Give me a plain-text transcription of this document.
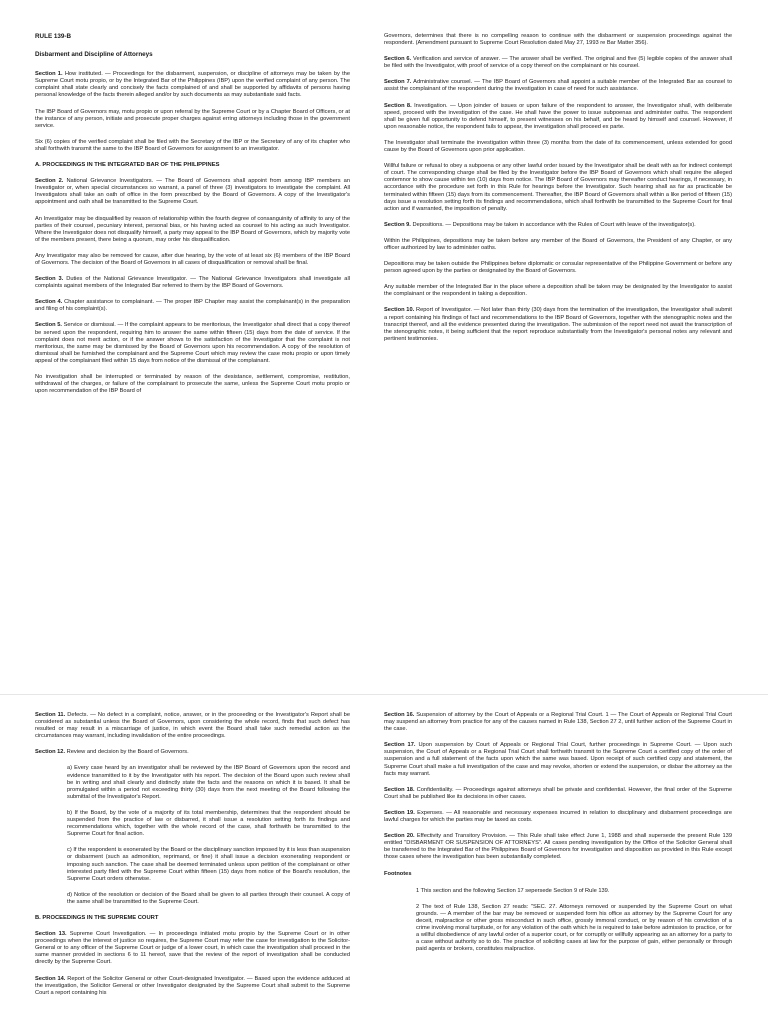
RULE 139-B

Disbarment and Discipline of Attorneys

Section 1. How instituted. — Proceedings for the disbarment, suspension, or discipline of attorneys may be taken by the Supreme Court motu propio, or by the Integrated Bar of the Philippines (IBP) upon the verified complaint of any person. The complaint shall state clearly and concisely the facts complained of and shall be supported by affidavits of persons having personal knowledge of the facts therein alleged and/or by such documents as may substantiate said facts.

The IBP Board of Governors may, motu propio or upon referral by the Supreme Court or by a Chapter Board of Officers, or at the instance of any person, initiate and prosecute proper charges against erring attorneys including those in the government service.

Six (6) copies of the verified complaint shall be filed with the Secretary of the IBP or the Secretary of any of its chapter who shall forthwith transmit the same to the IBP Board of Governors for assignment to an investigator.

A. PROCEEDINGS IN THE INTEGRATED BAR OF THE PHILIPPINES

Section 2. National Grievance Investigators. — The Board of Governors shall appoint from among IBP members an Investigator or, when special circumstances so warrant, a panel of three (3) investigators to investigate the complaint. All Investigators shall take an oath of office in the form prescribed by the Board of Governors. A copy of the Investigator's appointment and oath shall be transmitted to the Supreme Court.

An Investigator may be disqualified by reason of relationship within the fourth degree of consanguinity of affinity to any of the parties of their counsel, pecuniary interest, personal bias, or his having acted as counsel to his acting as such Investigator. Where the Investigator does not disqualify himself, a party may appeal to the IBP Board of Governors, which by majority vote of the members present, there being a quorum, may order his disqualification.

Any Investigator may also be removed for cause, after due hearing, by the vote of at least six (6) members of the IBP Board of Governors. The decision of the Board of Governors in all cases of disqualification or removal shall be final.

Section 3. Duties of the National Grievance Investigator. — The National Grievance Investigators shall investigate all complaints against members of the Integrated Bar referred to them by the IBP Board of Governors.

Section 4. Chapter assistance to complainant. — The proper IBP Chapter may assist the complainant(s) in the preparation and filing of his complaint(s).

Section 5. Service or dismissal. — If the complaint appears to be meritorious, the Investigator shall direct that a copy thereof be served upon the respondent, requiring him to answer the same within fifteen (15) days from the date of service. If the complaint does not merit action, or if the answer shows to the satisfaction of the Investigator that the complaint is not meritorious, the same may be dismissed by the Board of Governors upon his recommendation. A copy of the resolution of dismissal shall be furnished the complainant and the Supreme Court which may review the case motu propio or upon timely appeal of the complainant filed within 15 days from notice of the dismissal of the complainant.

No investigation shall be interrupted or terminated by reason of the desistance, settlement, compromise, restitution, withdrawal of the charges, or failure of the complainant to prosecute the same, unless the Supreme Court motu propio or upon recommendation of the IBP Board of

Governors, determines that there is no compelling reason to continue with the disbarment or suspension proceedings against the respondent. (Amendment pursuant to Supreme Court Resolution dated May 27, 1993 re Bar Matter 356).

Section 6. Verification and service of answer. — The answer shall be verified. The original and five (5) legible copies of the answer shall be filed with the Investigator, with proof of service of a copy thereof on the complainant or his counsel.

Section 7. Administrative counsel. — The IBP Board of Governors shall appoint a suitable member of the Integrated Bar as counsel to assist the complainant of the respondent during the investigation in case of need for such assistance.

Section 8. Investigation. — Upon joinder of issues or upon failure of the respondent to answer, the Investigator shall, with deliberate speed, proceed with the investigation of the case. He shall have the power to issue subpoenas and administer oaths. The respondent shall be given full opportunity to defend himself, to present witnesses on his behalf, and be heard by himself and counsel. However, if upon reasonable notice, the respondent fails to appear, the investigation shall proceed ex parte.

The Investigator shall terminate the investigation within three (3) months from the date of its commencement, unless extended for good cause by the Board of Governors upon prior application.

Willful failure or refusal to obey a subpoena or any other lawful order issued by the Investigator shall be dealt with as for indirect contempt of court. The corresponding charge shall be filed by the Investigator before the IBP Board of Governors which shall require the alleged contemnor to show cause within ten (10) days from notice. The IBP Board of Governors may thereafter conduct hearings, if necessary, in accordance with the procedure set forth in this Rule for hearings before the Investigator. Such hearing shall as far as practicable be terminated within fifteen (15) days from its commencement. Thereafter, the IBP Board of Governors shall within a like period of fifteen (15) days issue a resolution setting forth its findings and recommendations, which shall forthwith be transmitted to the Supreme Court for final action and if warranted, the imposition of penalty.

Section 9. Depositions. — Depositions may be taken in accordance with the Rules of Court with leave of the investigator(s).

Within the Philippines, depositions may be taken before any member of the Board of Governors, the President of any Chapter, or any officer authorized by law to administer oaths.

Depositions may be taken outside the Philippines before diplomatic or consular representative of the Philippine Government or before any person agreed upon by the parties or designated by the Board of Governors.

Any suitable member of the Integrated Bar in the place where a deposition shall be taken may be designated by the Investigator to assist the complainant or the respondent in taking a deposition.

Section 10. Report of Investigator. — Not later than thirty (30) days from the termination of the investigation, the Investigator shall submit a report containing his findings of fact and recommendations to the IBP Board of Governors, together with the stenographic notes and the transcript thereof, and all the evidence presented during the investigation. The submission of the report need not await the transcription of the stenographic notes, it being sufficient that the report reproduce substantially from the Investigator's personal notes any relevant and pertinent testimonies.

Section 11. Defects. — No defect in a complaint, notice, answer, or in the proceeding or the Investigator's Report shall be considered as substantial unless the Board of Governors, upon considering the whole record, finds that such defect has resulted or may result in a miscarriage of justice, in which event the Board shall take such remedial action as the circumstances may warrant, including invalidation of the entire proceedings.

Section 12. Review and decision by the Board of Governors.

a) Every case heard by an investigator shall be reviewed by the IBP Board of Governors upon the record and evidence transmitted to it by the Investigator with his report. The decision of the Board upon such review shall be in writing and shall clearly and distinctly state the facts and the reasons on which it is based. It shall be promulgated within a period not exceeding thirty (30) days from the next meeting of the Board following the submittal of the Investigator's Report.

b) If the Board, by the vote of a majority of its total membership, determines that the respondent should be suspended from the practice of law or disbarred, it shall issue a resolution setting forth its findings and recommendations which, together with the whole record of the case, shall forthwith be transmitted to the Supreme Court for final action.

c) If the respondent is exonerated by the Board or the disciplinary sanction imposed by it is less than suspension or disbarment (such as admonition, reprimand, or fine) it shall issue a decision exonerating respondent or imposing such sanction. The case shall be deemed terminated unless upon petition of the complainant or other interested party filed with the Supreme Court within fifteen (15) days from notice of the Board's resolution, the Supreme Court orders otherwise.

d) Notice of the resolution or decision of the Board shall be given to all parties through their counsel. A copy of the same shall be transmitted to the Supreme Court.

B. PROCEEDINGS IN THE SUPREME COURT

Section 13. Supreme Court Investigation. — In proceedings initiated motu propio by the Supreme Court or in other proceedings when the interest of justice so requires, the Supreme Court may refer the case for investigation to the Solicitor-General or to any officer of the Supreme Court or judge of a lower court, in which case the investigation shall proceed in the same manner provided in sections 6 to 11 hereof, save that the review of the report of investigation shall be conducted directly by the Supreme Court.

Section 14. Report of the Solicitor General or other Court-designated Investigator. — Based upon the evidence adduced at the investigation, the Solicitor General or other Investigator designated by the Supreme Court shall submit to the Supreme Court a report containing his

Section 16. Suspension of attorney by the Court of Appeals or a Regional Trial Court. 1 — The Court of Appeals or Regional Trial Court may suspend an attorney from practice for any of the causes named in Rule 138, Section 27 2, until further action of the Supreme Court in the case.

Section 17. Upon suspension by Court of Appeals or Regional Trial Court, further proceedings in Supreme Court. — Upon such suspension, the Court of Appeals or a Regional Trial Court shall forthwith transmit to the Supreme Court a certified copy of the order of suspension and a full statement of the facts upon which the same was based. Upon receipt of such certified copy and statement, the Supreme Court shall make a full investigation of the case and may revoke, shorten or extend the suspension, or disbar the attorney as the facts may warrant.

Section 18. Confidentiality. — Proceedings against attorneys shall be private and confidential. However, the final order of the Supreme Court shall be published like its decisions in other cases.

Section 19. Expenses. — All reasonable and necessary expenses incurred in relation to disciplinary and disbarment proceedings are lawful charges for which the parties may be taxed as costs.

Section 20. Effectivity and Transitory Provision. — This Rule shall take effect June 1, 1988 and shall supersede the present Rule 139 entitled "DISBARMENT OR SUSPENSION OF ATTORNEYS". All cases pending investigation by the Office of the Solicitor General shall be transferred to the Integrated Bar of the Philippines Board of Governors for investigation and disposition as provided in this Rule except those cases where the investigation has been substantially completed.

Footnotes

1 This section and the following Section 17 sepersede Section 9 of Rule 139.

2 The text of Rule 138, Section 27 reads: "SEC. 27. Attorneys removed or suspended by the Supreme Court on what grounds. — A member of the bar may be removed or suspended form his office as attorney by the Supreme Court for any deceit, malpractice or other gross misconduct in such office, grossly immoral conduct, or by reason of his conviction of a crime involving moral turpitude, or for any violation of the oath which he is required to take before admission to practice, or for a willful disobedience of any lawful order of a superior court, or for corruptly or willfully appearing as an attorney for a party to a case without authority so to do. The practice of soliciting cases at law for the purpose of gain, either personally or through paid agents or brokers, constitutes malpractice.
